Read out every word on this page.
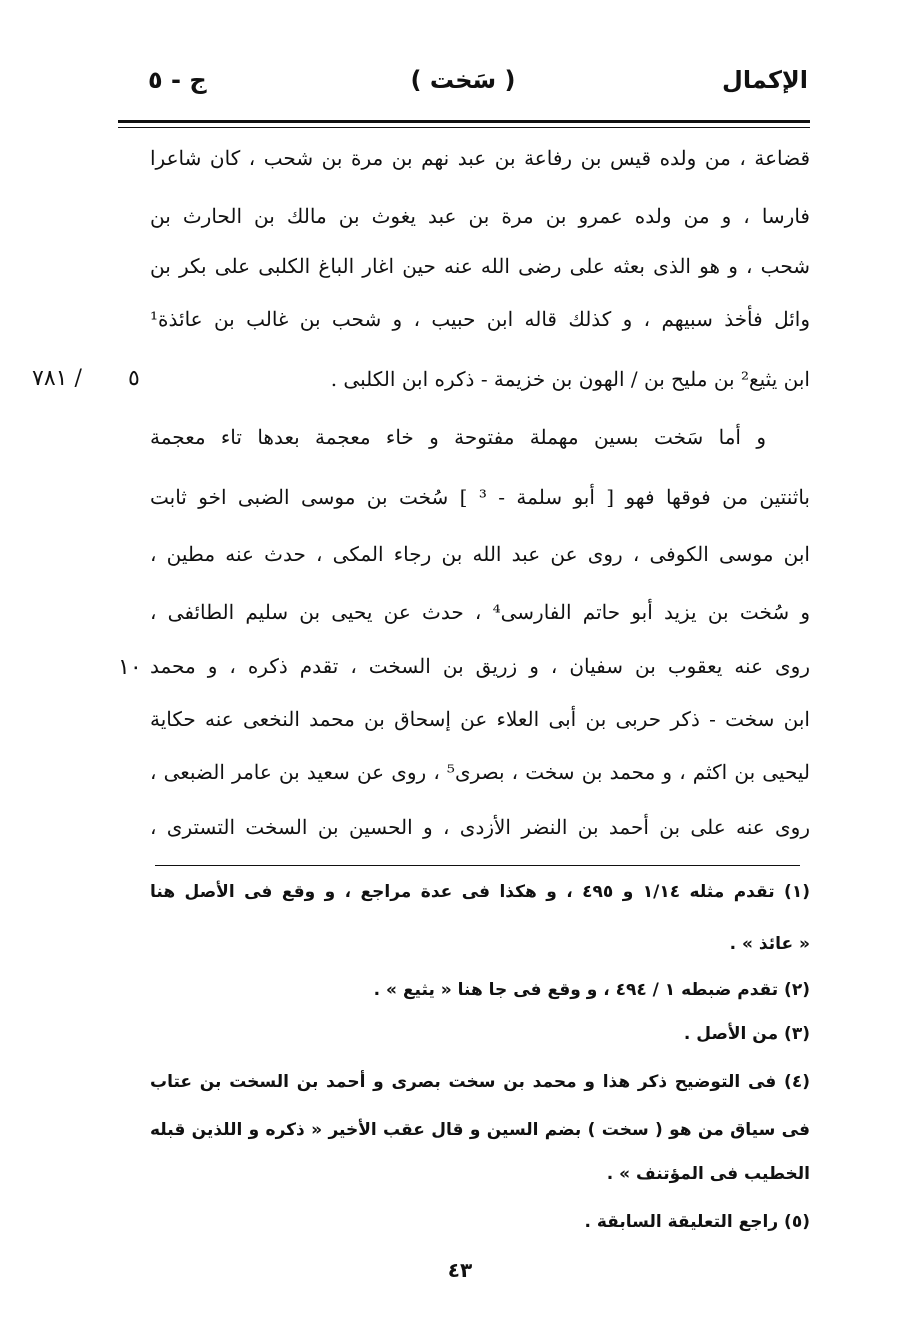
الإكمال
( سَخت )
ج - ٥
قضاعة ، من ولده قيس بن رفاعة بن عبد نهم بن مرة بن شحب ، كان شاعرا
فارسا ، و من ولده عمرو بن مرة بن عبد يغوث بن مالك بن الحارث بن
شحب ، و هو الذى بعثه على رضى الله عنه حين اغار الباغ الكلبى على بكر بن
وائل فأخذ سبيهم ، و كذلك قاله ابن حبيب ، و شحب بن غالب بن عائذة¹
ابن يثيع² بن مليح بن / الهون بن خزيمة - ذكره ابن الكلبى .
و أما سَخت بسين مهملة مفتوحة و خاء معجمة بعدها تاء معجمة
باثنتين من فوقها فهو [ أبو سلمة - ³ ] سُخت بن موسى الضبى اخو ثابت
ابن موسى الكوفى ، روى عن عبد الله بن رجاء المكى ، حدث عنه مطين ،
و سُخت بن يزيد أبو حاتم الفارسى⁴ ، حدث عن يحيى بن سليم الطائفى ،
روى عنه يعقوب بن سفيان ، و زريق بن السخت ، تقدم ذكره ، و محمد
ابن سخت - ذكر حربى بن أبى العلاء عن إسحاق بن محمد النخعى عنه حكاية
ليحيى بن اكثم ، و محمد بن سخت ، بصرى⁵ ، روى عن سعيد بن عامر الضبعى ،
روى عنه على بن أحمد بن النضر الأزدى ، و الحسين بن السخت التسترى ،
٥
/ ٧٨١
١٠
(١) تقدم مثله ١/١٤ و ٤٩٥ ، و هكذا فى عدة مراجع ، و وقع فى الأصل هنا
« عائذ » .
(٢) تقدم ضبطه ١ / ٤٩٤ ، و وقع فى جا هنا « يثيع » .
(٣) من الأصل .
(٤) فى التوضيح ذكر هذا و محمد بن سخت بصرى و أحمد بن السخت بن عتاب
فى سياق من هو ( سخت ) بضم السين و قال عقب الأخير « ذكره و اللذين قبله
الخطيب فى المؤتنف » .
(٥) راجع التعليقة السابقة .
٤٣
